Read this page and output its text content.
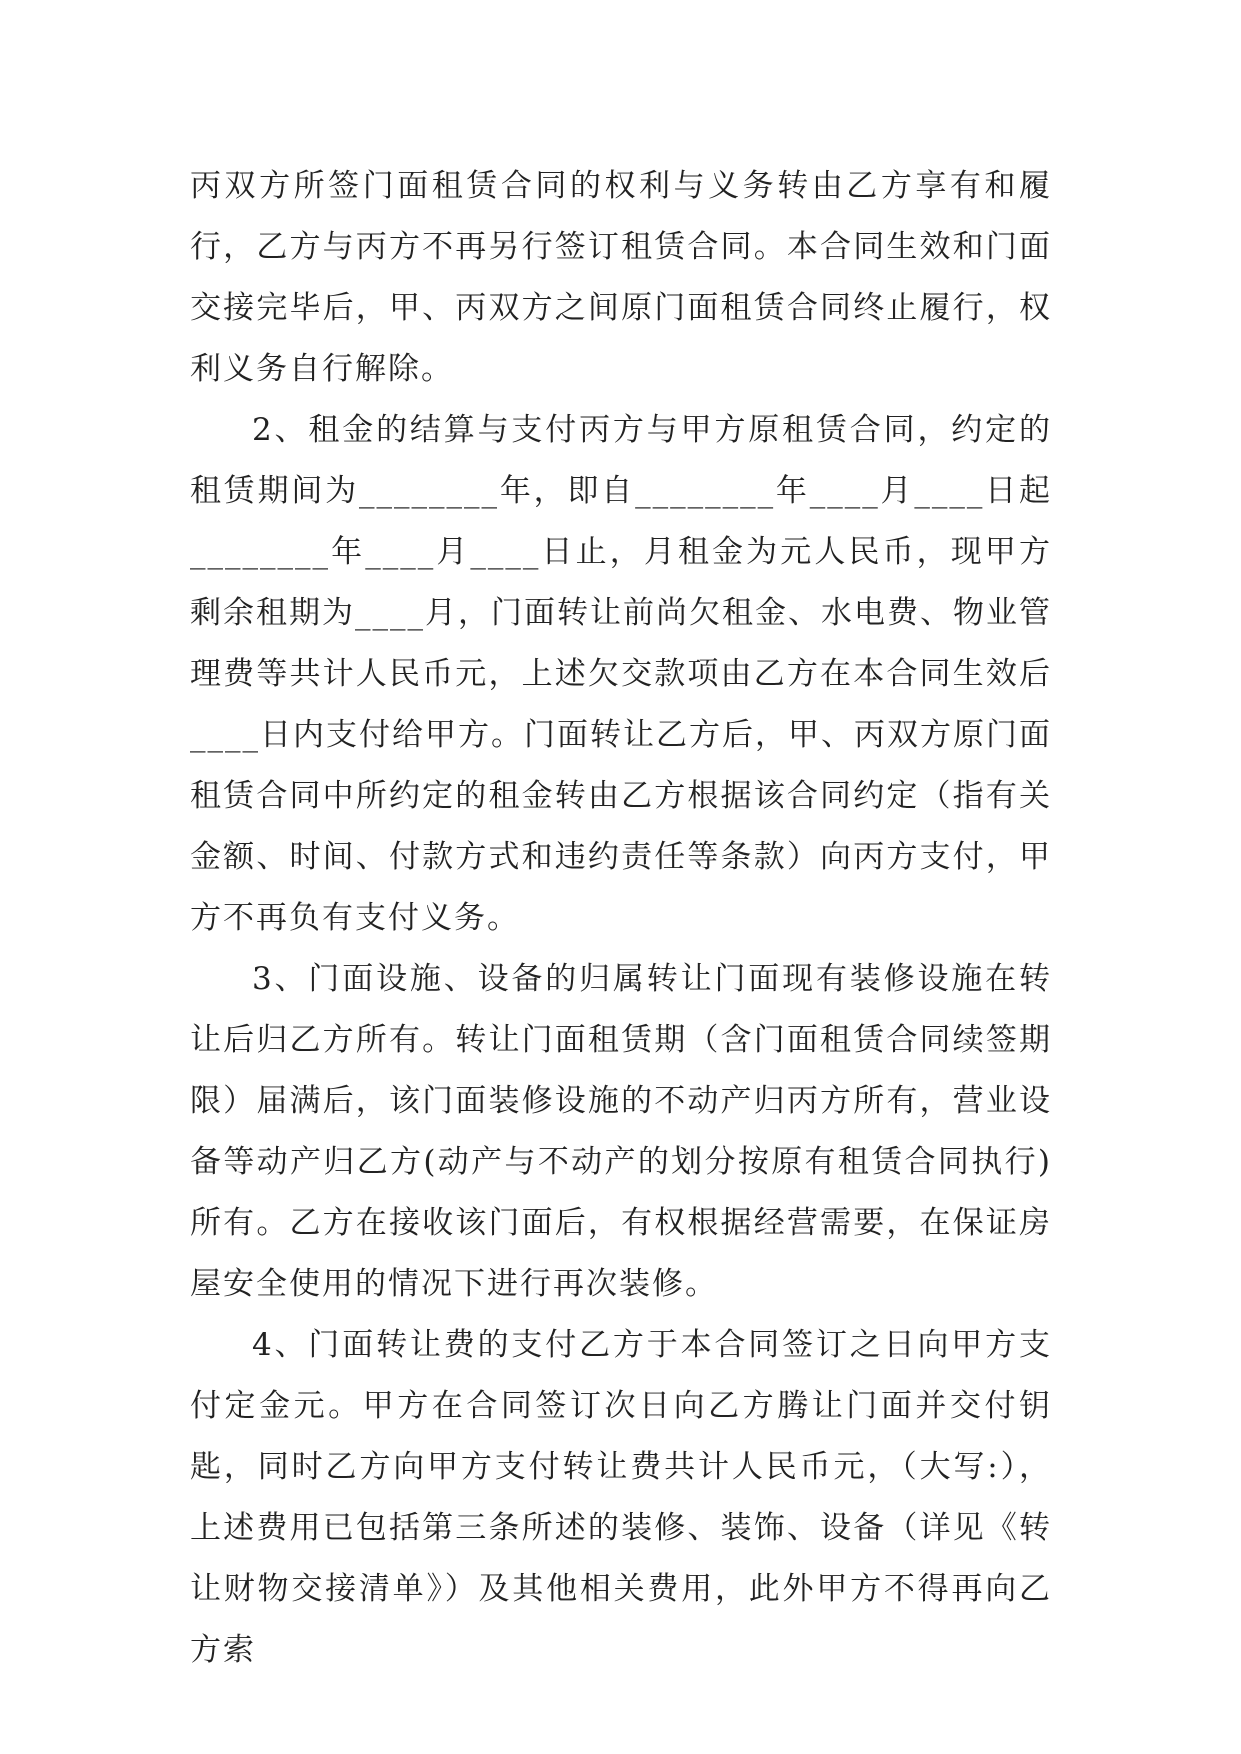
丙双方所签门面租赁合同的权利与义务转由乙方享有和履行，乙方与丙方不再另行签订租赁合同。本合同生效和门面交接完毕后，甲、丙双方之间原门面租赁合同终止履行，权利义务自行解除。

2、租金的结算与支付丙方与甲方原租赁合同，约定的租赁期间为________年，即自________年____月____日起________年____月____日止，月租金为元人民币，现甲方剩余租期为____月，门面转让前尚欠租金、水电费、物业管理费等共计人民币元，上述欠交款项由乙方在本合同生效后____日内支付给甲方。门面转让乙方后，甲、丙双方原门面租赁合同中所约定的租金转由乙方根据该合同约定（指有关金额、时间、付款方式和违约责任等条款）向丙方支付，甲方不再负有支付义务。

3、门面设施、设备的归属转让门面现有装修设施在转让后归乙方所有。转让门面租赁期（含门面租赁合同续签期限）届满后，该门面装修设施的不动产归丙方所有，营业设备等动产归乙方(动产与不动产的划分按原有租赁合同执行)所有。乙方在接收该门面后，有权根据经营需要，在保证房屋安全使用的情况下进行再次装修。

4、门面转让费的支付乙方于本合同签订之日向甲方支付定金元。甲方在合同签订次日向乙方腾让门面并交付钥匙，同时乙方向甲方支付转让费共计人民币元，（大写:），上述费用已包括第三条所述的装修、装饰、设备（详见《转让财物交接清单》）及其他相关费用，此外甲方不得再向乙方索
